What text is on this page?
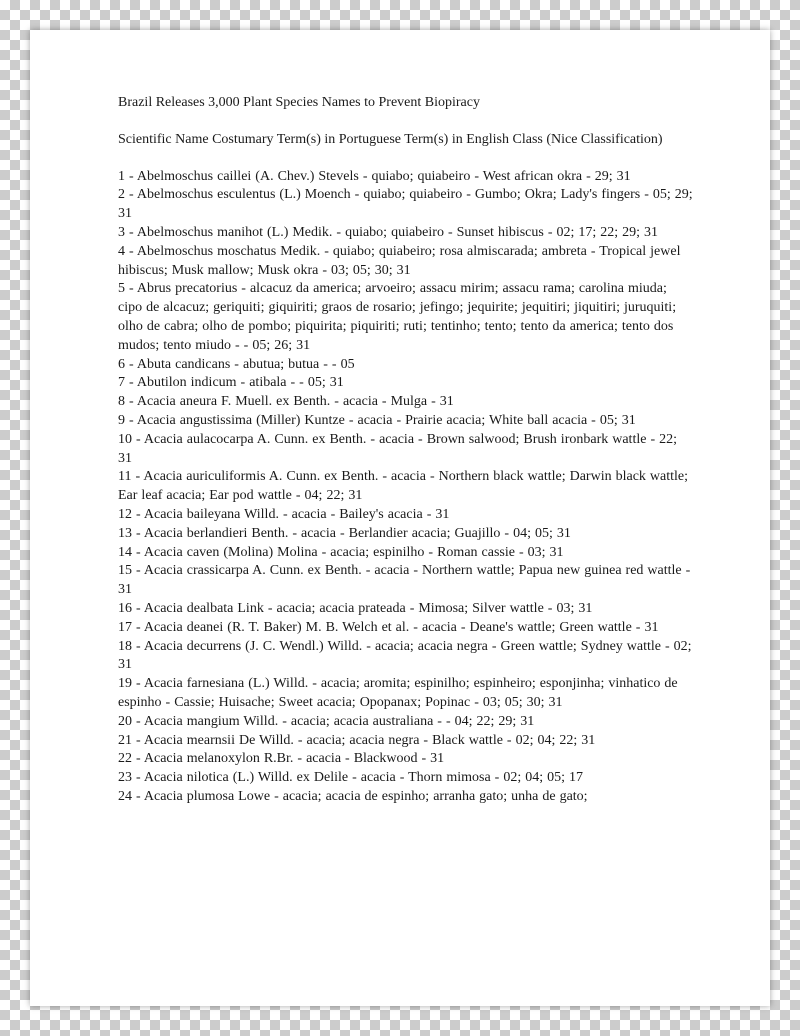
Brazil Releases 3,000 Plant Species Names to Prevent Biopiracy
Scientific Name Costumary Term(s) in Portuguese Term(s) in English Class (Nice Classification)
1 - Abelmoschus caillei (A. Chev.) Stevels - quiabo; quiabeiro - West african okra - 29; 31
2 - Abelmoschus esculentus (L.) Moench - quiabo; quiabeiro - Gumbo; Okra; Lady's fingers - 05; 29; 31
3 - Abelmoschus manihot (L.) Medik. - quiabo; quiabeiro - Sunset hibiscus - 02; 17; 22; 29; 31
4 - Abelmoschus moschatus Medik. - quiabo; quiabeiro; rosa almiscarada; ambreta - Tropical jewel hibiscus; Musk mallow; Musk okra - 03; 05; 30; 31
5 - Abrus precatorius - alcacuz da america; arvoeiro; assacu mirim; assacu rama; carolina miuda; cipo de alcacuz; geriquiti; giquiriti; graos de rosario; jefingo; jequirite; jequitiri; jiquitiri; juruquiti; olho de cabra; olho de pombo; piquirita; piquiriti; ruti; tentinho; tento; tento da america; tento dos mudos; tento miudo - - 05; 26; 31
6 - Abuta candicans - abutua; butua - - 05
7 - Abutilon indicum - atibala - - 05; 31
8 - Acacia aneura F. Muell. ex Benth. - acacia - Mulga - 31
9 - Acacia angustissima (Miller) Kuntze - acacia - Prairie acacia; White ball acacia - 05; 31
10 - Acacia aulacocarpa A. Cunn. ex Benth. - acacia - Brown salwood; Brush ironbark wattle - 22; 31
11 - Acacia auriculiformis A. Cunn. ex Benth. - acacia - Northern black wattle; Darwin black wattle; Ear leaf acacia; Ear pod wattle - 04; 22; 31
12 - Acacia baileyana Willd. - acacia - Bailey's acacia - 31
13 - Acacia berlandieri Benth. - acacia - Berlandier acacia; Guajillo - 04; 05; 31
14 - Acacia caven (Molina) Molina - acacia; espinilho - Roman cassie - 03; 31
15 - Acacia crassicarpa A. Cunn. ex Benth. - acacia - Northern wattle; Papua new guinea red wattle - 31
16 - Acacia dealbata Link - acacia; acacia prateada - Mimosa; Silver wattle - 03; 31
17 - Acacia deanei (R. T. Baker) M. B. Welch et al. - acacia - Deane's wattle; Green wattle - 31
18 - Acacia decurrens (J. C. Wendl.) Willd. - acacia; acacia negra - Green wattle; Sydney wattle - 02; 31
19 - Acacia farnesiana (L.) Willd. - acacia; aromita; espinilho; espinheiro; esponjinha; vinhatico de espinho - Cassie; Huisache; Sweet acacia; Opopanax; Popinac - 03; 05; 30; 31
20 - Acacia mangium Willd. - acacia; acacia australiana - - 04; 22; 29; 31
21 - Acacia mearnsii De Willd. - acacia; acacia negra - Black wattle - 02; 04; 22; 31
22 - Acacia melanoxylon R.Br. - acacia - Blackwood - 31
23 - Acacia nilotica (L.) Willd. ex Delile - acacia - Thorn mimosa - 02; 04; 05; 17
24 - Acacia plumosa Lowe - acacia; acacia de espinho; arranha gato; unha de gato;
